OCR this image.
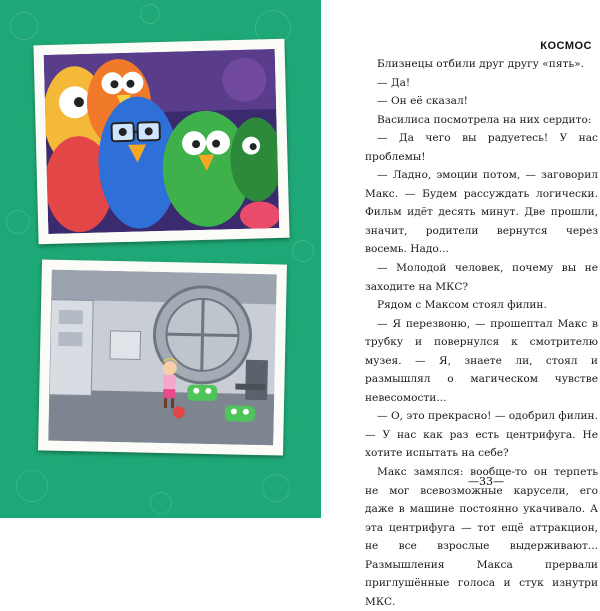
КОСМОС

Близнецы отбили друг другу «пять».

— Да!

— Он её сказал!

Василиса посмотрела на них сердито:

— Да чего вы радуетесь! У нас проблемы!

— Ладно, эмоции потом, — заговорил Макс. — Будем рассуждать логически. Фильм идёт десять минут. Две прошли, значит, родители вернутся через восемь. Надо...

— Молодой человек, почему вы не заходите на МКС?

Рядом с Максом стоял филин.

— Я перезвоню, — прошептал Макс в трубку и повернулся к смотрителю музея. — Я, знаете ли, стоял и размышлял о магическом чувстве невесомости...

— О, это прекрасно! — одобрил филин. — У нас как раз есть центрифуга. Не хотите испытать на себе?

Макс замялся: вообще-то он терпеть не мог всевозможные карусели, его даже в машине постоянно укачивало. А эта центрифуга — тот ещё аттракцион, не все взрослые выдерживают... Размышления Макса прервали приглушённые голоса и стук изнутри МКС.

—33—
